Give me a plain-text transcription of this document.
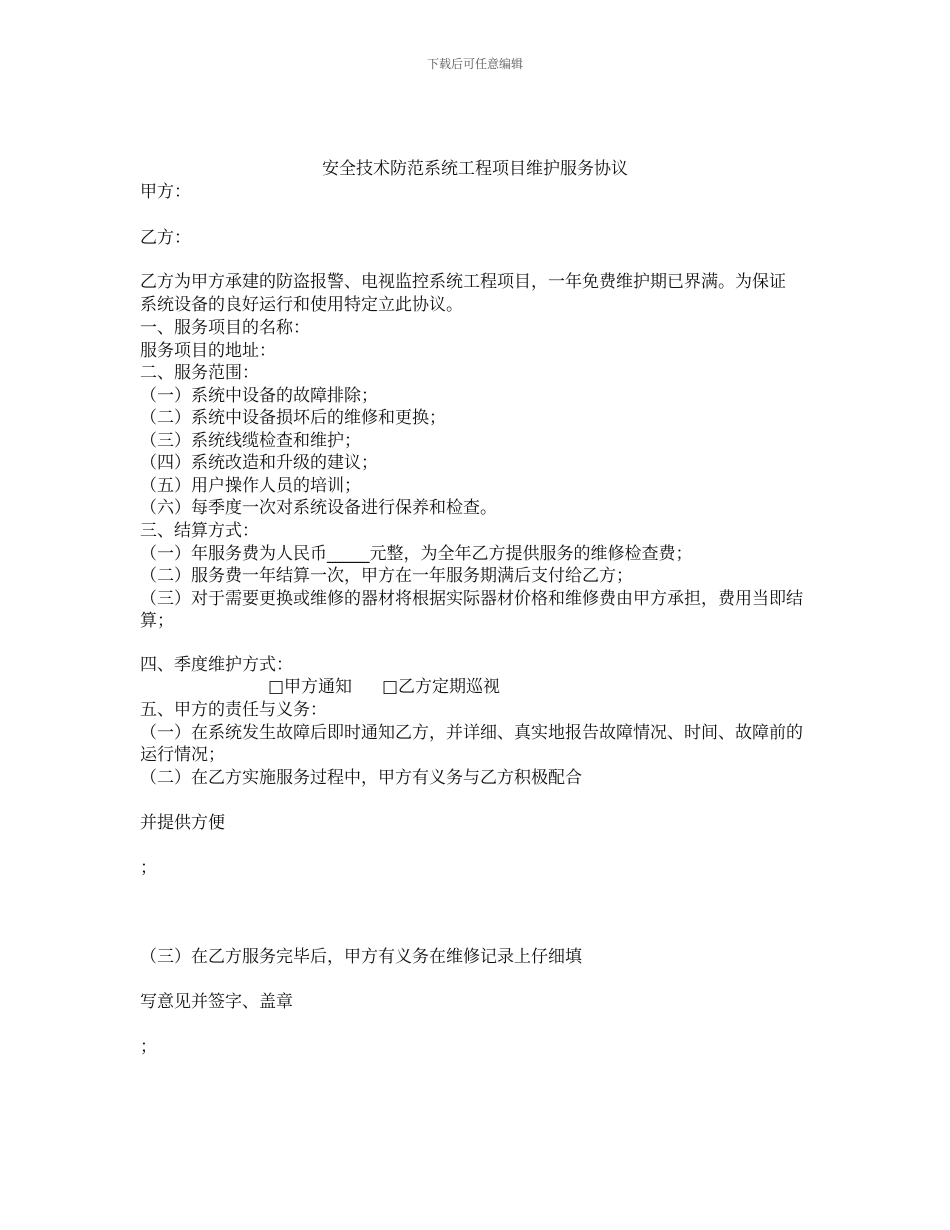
下载后可任意编辑
安全技术防范系统工程项目维护服务协议
甲方：
乙方：
乙方为甲方承建的防盗报警、电视监控系统工程项目，一年免费维护期已界满。为保证
系统设备的良好运行和使用特定立此协议。
一、服务项目的名称：
服务项目的地址：
二、服务范围：
（一）系统中设备的故障排除；
（二）系统中设备损坏后的维修和更换；
（三）系统线缆检查和维护；
（四）系统改造和升级的建议；
（五）用户操作人员的培训；
（六）每季度一次对系统设备进行保养和检查。
三、结算方式：
（一）年服务费为人民币_____元整，为全年乙方提供服务的维修检查费；
（二）服务费一年结算一次，甲方在一年服务期满后支付给乙方；
（三）对于需要更换或维修的器材将根据实际器材价格和维修费由甲方承担，费用当即结
算；
四、季度维护方式：
□甲方通知 □乙方定期巡视
五、甲方的责任与义务：
（一）在系统发生故障后即时通知乙方，并详细、真实地报告故障情况、时间、故障前的
运行情况；
（二）在乙方实施服务过程中，甲方有义务与乙方积极配合
并提供方便
；
（三）在乙方服务完毕后，甲方有义务在维修记录上仔细填
写意见并签字、盖章
；
